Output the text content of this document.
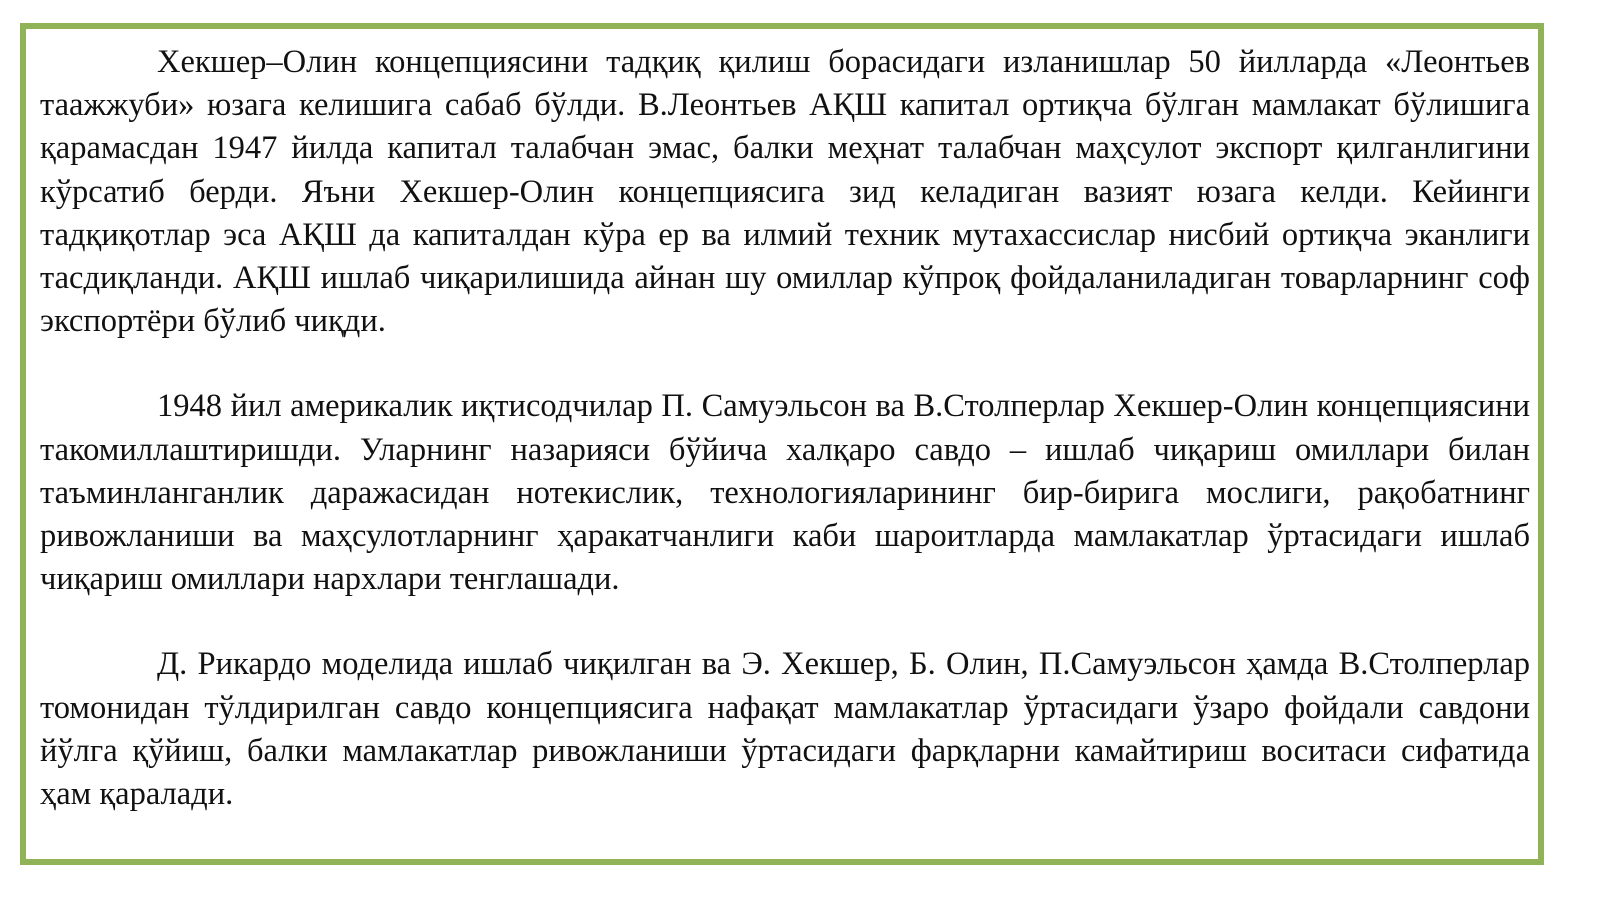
Хекшер–Олин концепциясини тадқиқ қилиш борасидаги изланишлар 50 йилларда «Леонтьев таажжуби» юзага келишига сабаб бўлди. В.Леонтьев АҚШ капитал ортиқча бўлган мамлакат бўлишига қарамасдан 1947 йилда капитал талабчан эмас, балки меҳнат талабчан маҳсулот экспорт қилганлигини кўрсатиб берди. Яъни Хекшер-Олин концепциясига зид келадиган вазият юзага келди. Кейинги тадқиқотлар эса АҚШ да капиталдан кўра ер ва илмий техник мутахассислар нисбий ортиқча эканлиги тасдиқланди. АҚШ ишлаб чиқарилишида айнан шу омиллар кўпроқ фойдаланиладиган товарларнинг соф экспортёри бўлиб чиқди.

1948 йил америкалик иқтисодчилар П. Самуэльсон ва В.Столперлар Хекшер-Олин концепциясини такомиллаштиришди. Уларнинг назарияси бўйича халқаро савдо – ишлаб чиқариш омиллари билан таъминланганлик даражасидан нотекислик, технологияларининг бир-бирига мослиги, рақобатнинг ривожланиши ва маҳсулотларнинг ҳаракатчанлиги каби шароитларда мамлакатлар ўртасидаги ишлаб чиқариш омиллари нархлари тенглашади.

Д. Рикардо моделида ишлаб чиқилган ва Э. Хекшер, Б. Олин, П.Самуэльсон ҳамда В.Столперлар томонидан тўлдирилган савдо концепциясига нафақат мамлакатлар ўртасидаги ўзаро фойдали савдони йўлга қўйиш, балки мамлакатлар ривожланиши ўртасидаги фарқларни камайтириш воситаси сифатида ҳам қаралади.
